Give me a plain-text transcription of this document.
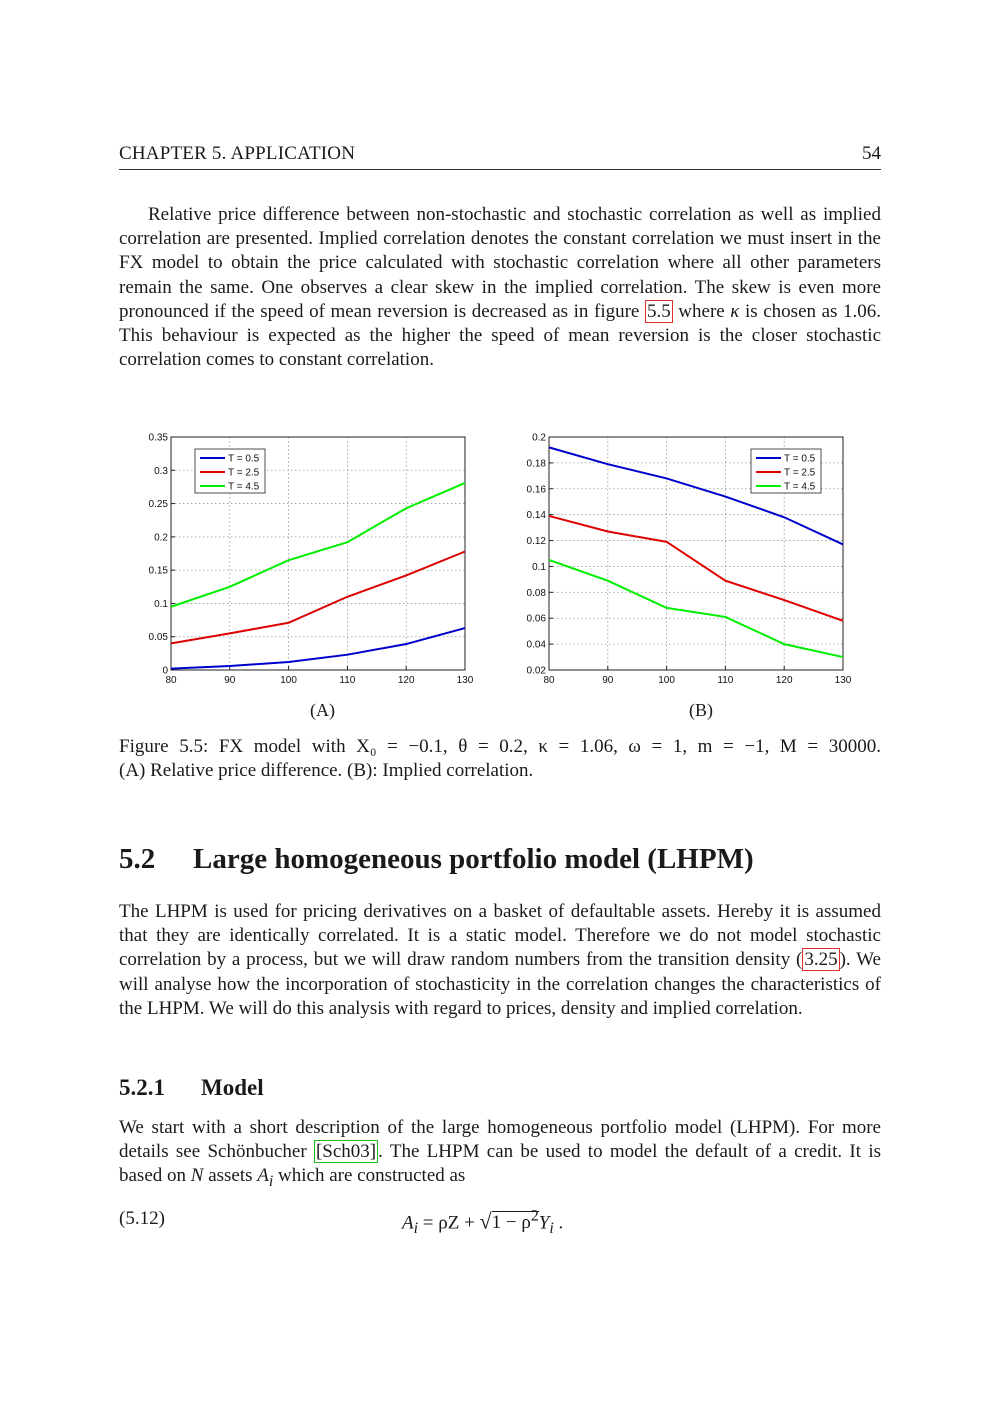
CHAPTER 5. APPLICATION	54

Relative price difference between non-stochastic and stochastic correlation as well as implied correlation are presented. Implied correlation denotes the constant correlation we must insert in the FX model to obtain the price calculated with stochastic correlation where all other parameters remain the same. One observes a clear skew in the implied correlation. The skew is even more pronounced if the speed of mean reversion is decreased as in figure 5.5 where κ is chosen as 1.06. This behaviour is expected as the higher the speed of mean reversion is the closer stochastic correlation comes to constant correlation.

80	90	100	110	120	130
0
0.05
0.1
0.15
0.2
0.25
0.3
0.35
T = 0.5
T = 2.5
T = 4.5
(A)
80	90	100	110	120	130
0.02
0.04
0.06
0.08
0.1
0.12
0.14
0.16
0.18
0.2
T = 0.5
T = 2.5
T = 4.5
(B)
Figure 5.5: FX model with X₀ = −0.1, θ = 0.2, κ = 1.06, ω = 1, m = −1, M = 30000.
(A) Relative price difference. (B): Implied correlation.
5.2 Large homogeneous portfolio model (LHPM)

The LHPM is used for pricing derivatives on a basket of defaultable assets. Hereby it is assumed that they are identically correlated. It is a static model. Therefore we do not model stochastic correlation by a process, but we will draw random numbers from the transition density ( 3.25 ). We will analyse how the incorporation of stochasticity in the correlation changes the characteristics of the LHPM. We will do this analysis with regard to prices, density and implied correlation.

5.2.1 Model

We start with a short description of the large homogeneous portfolio model (LHPM). For more details see Schönbucher [Sch03] . The LHPM can be used to model the default of a credit. It is based on N assets $A_i$ which are constructed as

(5.12)	$A_i = \rho Z + √1 - \rho^2Y_i$ .
